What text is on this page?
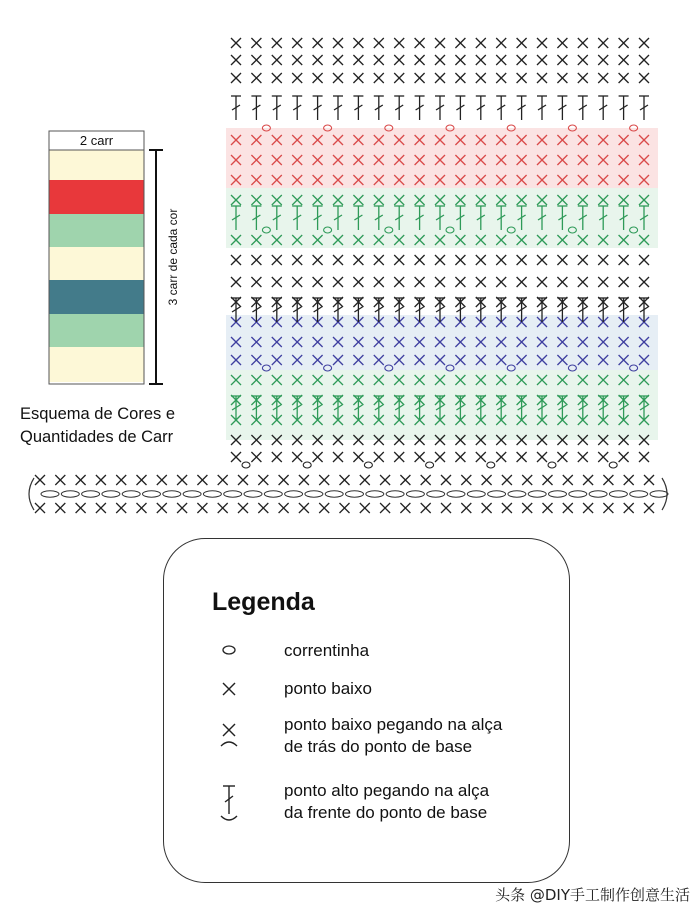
2 carr
3 carr de cada cor
Esquema de Cores e
Quantidades de Carr
Legenda
correntinha
ponto baixo
ponto baixo pegando na alça
de trás do ponto de base
ponto alto pegando na alça
da frente do ponto de base
头条 @DIY手工制作创意生活
